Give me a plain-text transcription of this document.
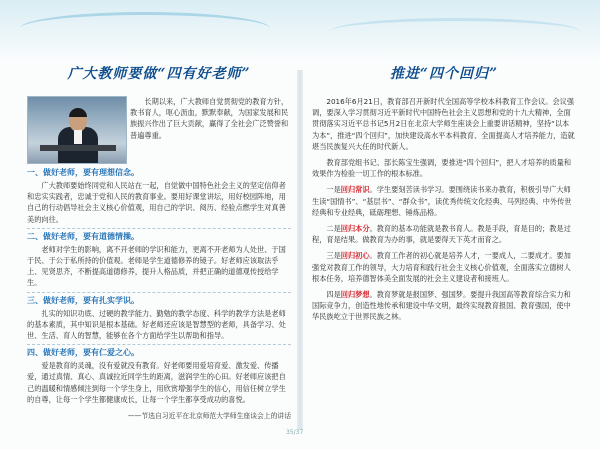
广大教师要做“四有好老师”

长期以来，广大教师自觉贯彻党的教育方针，教书育人，呕心沥血，默默奉献，为国家发展和民族振兴作出了巨大贡献，赢得了全社会广泛赞誉和普遍尊重。

一、做好老师，要有理想信念。

广大教师要始终同党和人民站在一起，自觉做中国特色社会主义的坚定信仰者和忠实实践者，忠诚于党和人民的教育事业。要用好课堂讲坛，用好校园阵地，用自己的行动倡导社会主义核心价值观，用自己的学识、阅历、经验点燃学生对真善美的向往。

二、做好老师，要有道德情操。

老师对学生的影响，离不开老师的学识和能力，更离不开老师为人处世、于国于民、于公于私所持的价值观。老师是学生道德修养的镜子。好老师应该取法乎上、见贤思齐，不断提高道德修养，提升人格品质，并把正确的道德观传授给学生。

三、做好老师，要有扎实学识。

扎实的知识功底、过硬的教学能力、勤勉的教学态度、科学的教学方法是老师的基本素质，其中知识是根本基础。好老师还应该是智慧型的老师，具备学习、处世、生活、育人的智慧，能够在各个方面给学生以帮助和指导。

四、做好老师，要有仁爱之心。

爱是教育的灵魂，没有爱就没有教育。好老师要用爱培育爱、激发爱、传播爱，通过真情、真心、真诚拉近同学生的距离，滋润学生的心田。好老师应该把自己的温暖和情感倾注到每一个学生身上，用欣赏增强学生的信心，用信任树立学生的自尊，让每一个学生都健康成长，让每一个学生都享受成功的喜悦。

——节选自习近平在北京师范大学师生座谈会上的讲话
推进“四个回归”

2016年6月21日，教育部召开新时代全国高等学校本科教育工作会议。会议强调，要深入学习贯彻习近平新时代中国特色社会主义思想和党的十九大精神，全面贯彻落实习近平总书记5月2日在北京大学师生座谈会上重要讲话精神，坚持“以本为本”，推进“四个回归”，加快建设高水平本科教育、全面提高人才培养能力，造就堪当民族复兴大任的时代新人。

教育部党组书记、部长陈宝生强调，要推进“四个回归”，把人才培养的质量和效果作为检验一切工作的根本标准。

一是回归常识。学生要刻苦读书学习。要围绕读书来办教育，积极引导广大师生读“国情书”、“基层书”、“群众书”，读优秀传统文化经典、马列经典、中外传世经典和专业经典，砥砺理想、锤炼品格。

二是回归本分。教育的基本功能就是教书育人。教是手段，育是目的；教是过程，育是结果。做教育为办的事，就是要得天下英才而育之。

三是回归初心。教育工作者的初心就是培养人才，一要成人，二要成才。要加强党对教育工作的领导，大力培育和践行社会主义核心价值观，全面落实立德树人根本任务，培养德智体美全面发展的社会主义建设者和接班人。

四是回归梦想。教育梦就是报国梦、强国梦。要提升我国高等教育综合实力和国际竞争力，创造性地传承和建设中华文明，最终实现教育报国、教育强国，使中华民族屹立于世界民族之林。

35/37
